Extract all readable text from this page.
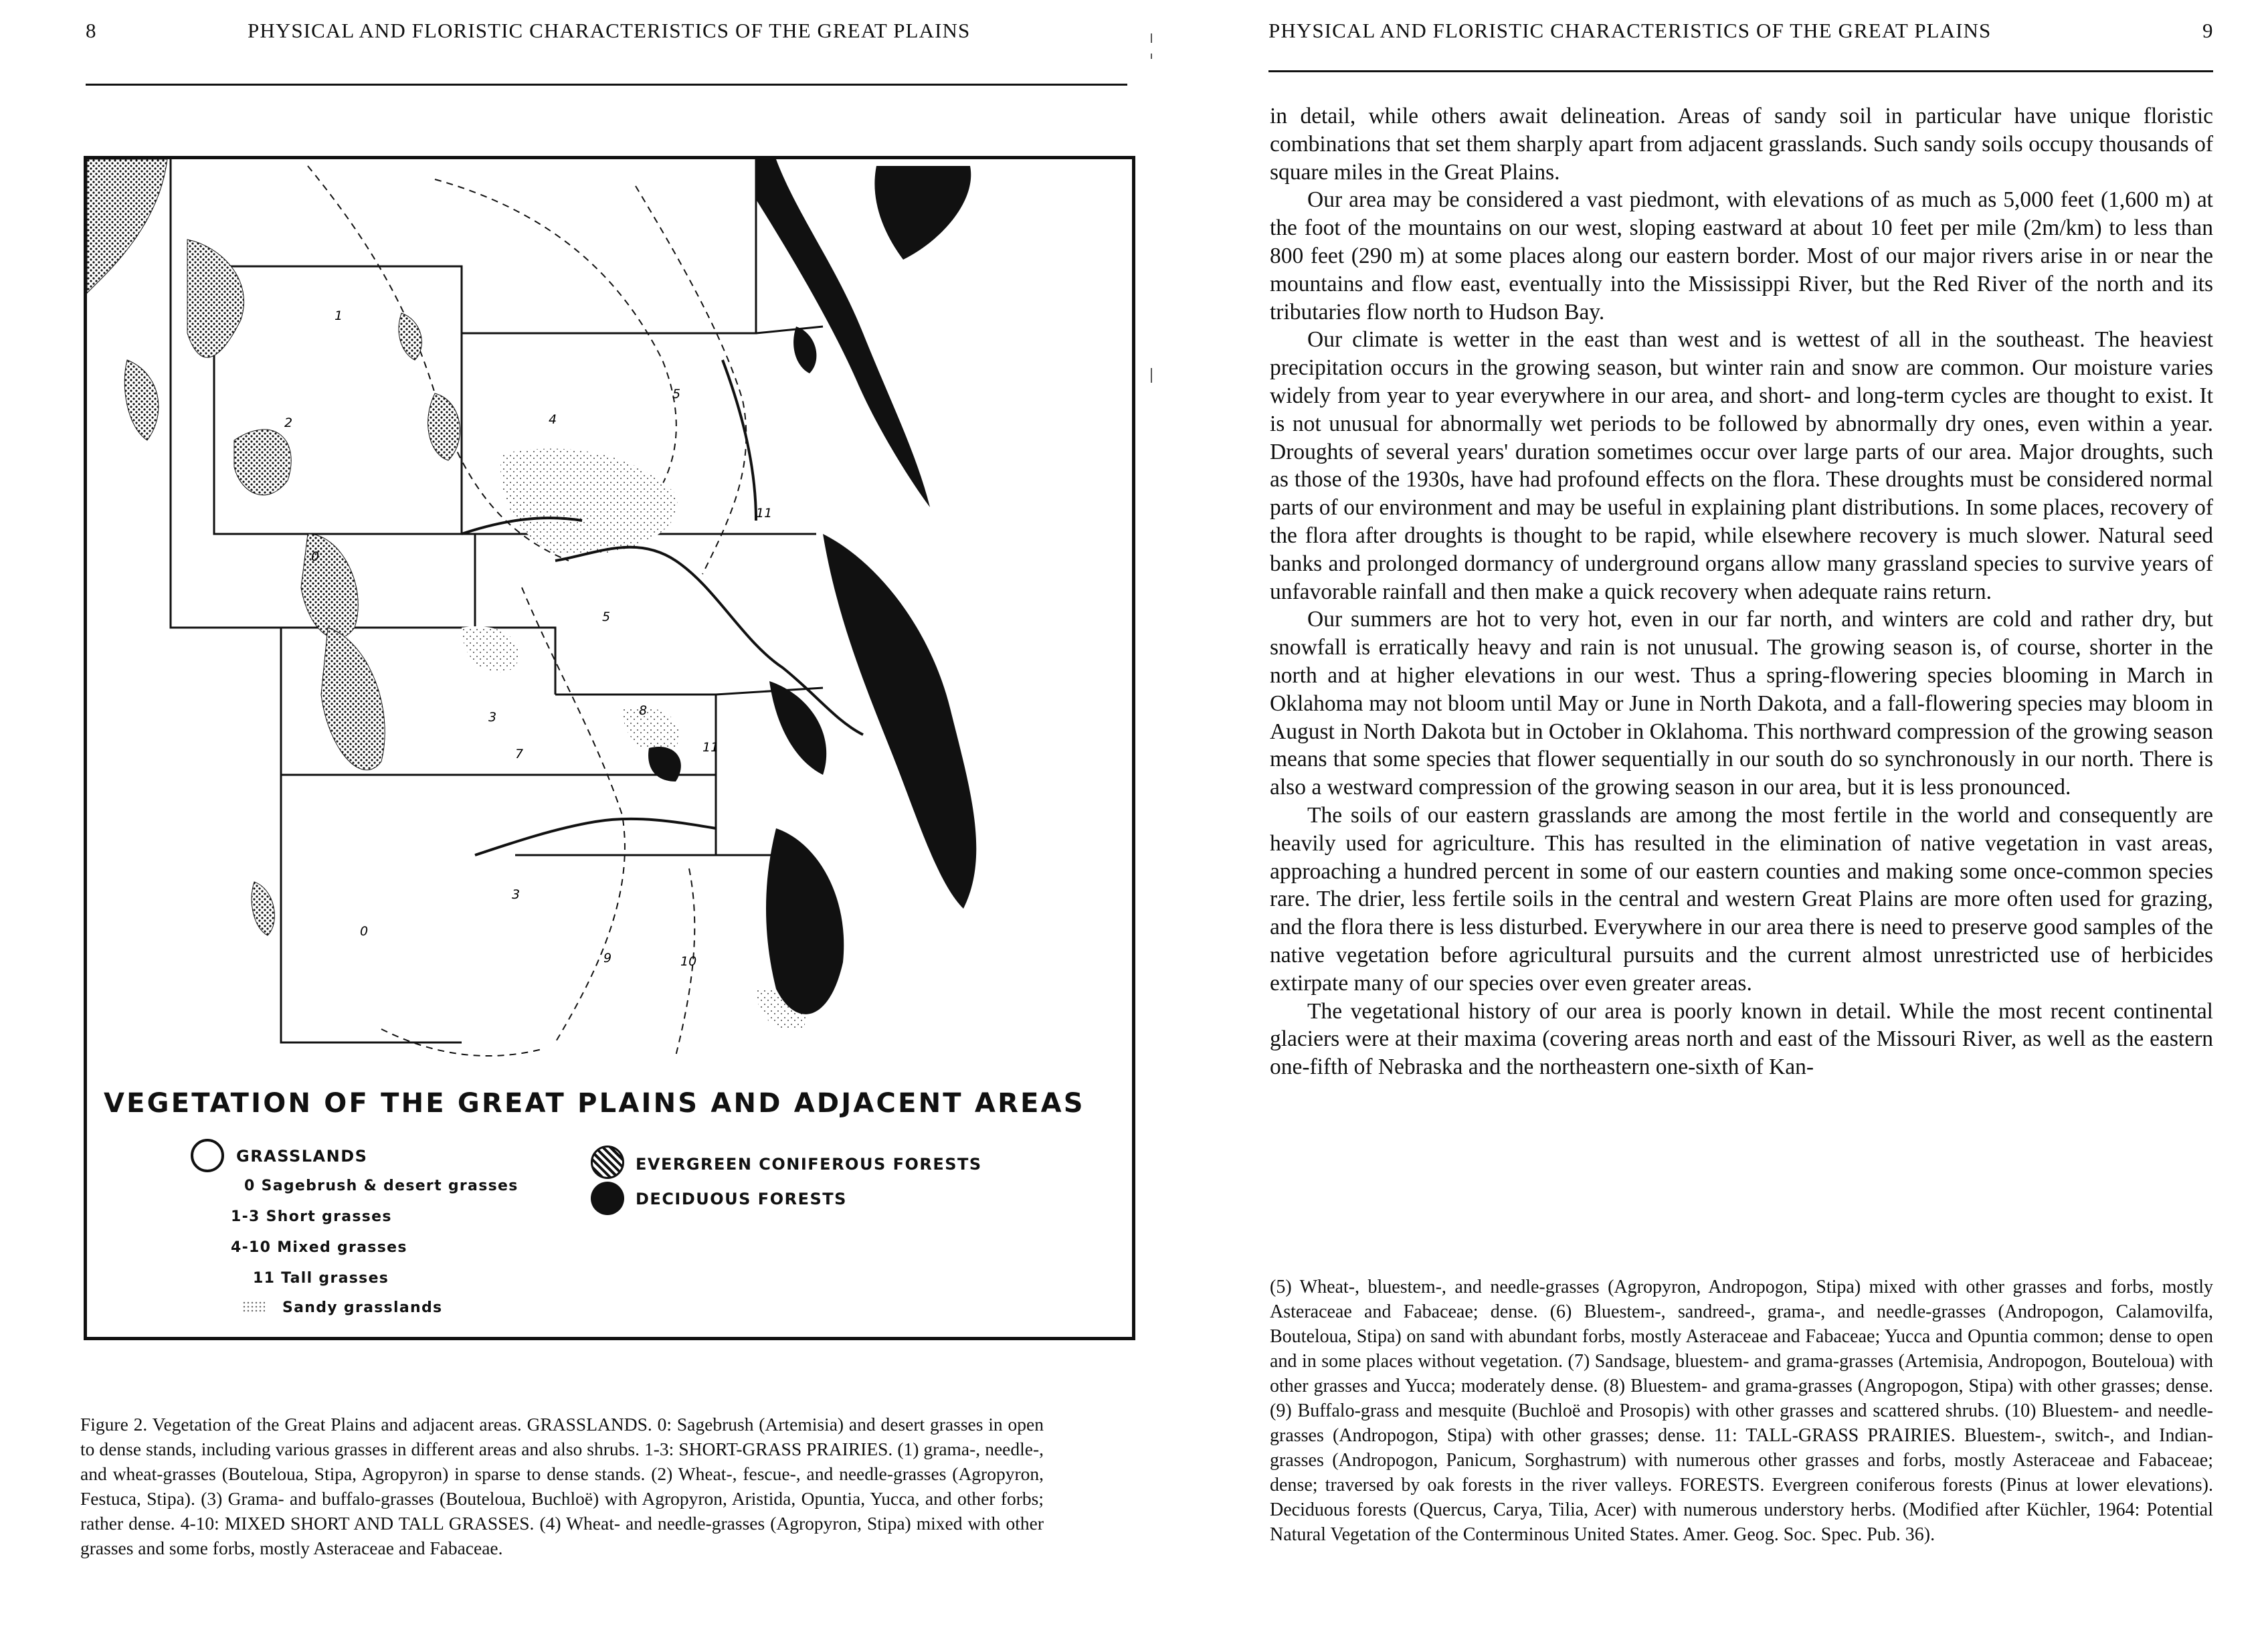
8	PHYSICAL AND FLORISTIC CHARACTERISTICS OF THE GREAT PLAINS
1
2
0
4
5
11
3	8
5
11
7
3
9	10
0
VEGETATION OF THE GREAT PLAINS AND ADJACENT AREAS
GRASSLANDS
0 Sagebrush & desert grasses
1-3 Short grasses
4-10 Mixed grasses
11 Tall grasses
Sandy grasslands
EVERGREEN CONIFEROUS FORESTS
DECIDUOUS FORESTS
Figure 2. Vegetation of the Great Plains and adjacent areas. GRASSLANDS. 0: Sagebrush (Artemisia) and desert grasses in open to dense stands, including various grasses in different areas and also shrubs. 1-3: SHORT-GRASS PRAIRIES. (1) grama-, needle-, and wheat-grasses (Bouteloua, Stipa, Agropyron) in sparse to dense stands. (2) Wheat-, fescue-, and needle-grasses (Agropyron, Festuca, Stipa). (3) Grama- and buffalo-grasses (Bouteloua, Buchloë) with Agropyron, Aristida, Opuntia, Yucca, and other forbs; rather dense. 4-10: MIXED SHORT AND TALL GRASSES. (4) Wheat- and needle-grasses (Agropyron, Stipa) mixed with other grasses and some forbs, mostly Asteraceae and Fabaceae.
PHYSICAL AND FLORISTIC CHARACTERISTICS OF THE GREAT PLAINS	9

in detail, while others await delineation. Areas of sandy soil in particular have unique floristic combinations that set them sharply apart from adjacent grasslands. Such sandy soils occupy thousands of square miles in the Great Plains.

Our area may be considered a vast piedmont, with elevations of as much as 5,000 feet (1,600 m) at the foot of the mountains on our west, sloping eastward at about 10 feet per mile (2m/km) to less than 800 feet (290 m) at some places along our eastern border. Most of our major rivers arise in or near the mountains and flow east, eventually into the Mississippi River, but the Red River of the north and its tributaries flow north to Hudson Bay.

Our climate is wetter in the east than west and is wettest of all in the southeast. The heaviest precipitation occurs in the growing season, but winter rain and snow are common. Our moisture varies widely from year to year everywhere in our area, and short- and long-term cycles are thought to exist. It is not unusual for abnormally wet periods to be followed by abnormally dry ones, even within a year. Droughts of several years' duration sometimes occur over large parts of our area. Major droughts, such as those of the 1930s, have had profound effects on the flora. These droughts must be considered normal parts of our environment and may be useful in explaining plant distributions. In some places, recovery of the flora after droughts is thought to be rapid, while elsewhere recovery is much slower. Natural seed banks and prolonged dormancy of underground organs allow many grassland species to survive years of unfavorable rainfall and then make a quick recovery when adequate rains return.

Our summers are hot to very hot, even in our far north, and winters are cold and rather dry, but snowfall is erratically heavy and rain is not unusual. The growing season is, of course, shorter in the north and at higher elevations in our west. Thus a spring-flowering species blooming in March in Oklahoma may not bloom until May or June in North Dakota, and a fall-flowering species may bloom in August in North Dakota but in October in Oklahoma. This northward compression of the growing season means that some species that flower sequentially in our south do so synchronously in our north. There is also a westward compression of the growing season in our area, but it is less pronounced.

The soils of our eastern grasslands are among the most fertile in the world and consequently are heavily used for agriculture. This has resulted in the elimination of native vegetation in vast areas, approaching a hundred percent in some of our eastern counties and making some once-common species rare. The drier, less fertile soils in the central and western Great Plains are more often used for grazing, and the flora there is less disturbed. Everywhere in our area there is need to preserve good samples of the native vegetation before agricultural pursuits and the current almost unrestricted use of herbicides extirpate many of our species over even greater areas.

The vegetational history of our area is poorly known in detail. While the most recent continental glaciers were at their maxima (covering areas north and east of the Missouri River, as well as the eastern one-fifth of Nebraska and the northeastern one-sixth of Kan-

(5) Wheat-, bluestem-, and needle-grasses (Agropyron, Andropogon, Stipa) mixed with other grasses and forbs, mostly Asteraceae and Fabaceae; dense. (6) Bluestem-, sandreed-, grama-, and needle-grasses (Andropogon, Calamovilfa, Bouteloua, Stipa) on sand with abundant forbs, mostly Asteraceae and Fabaceae; Yucca and Opuntia common; dense to open and in some places without vegetation. (7) Sandsage, bluestem- and grama-grasses (Artemisia, Andropogon, Bouteloua) with other grasses and Yucca; moderately dense. (8) Bluestem- and grama-grasses (Angropogon, Stipa) with other grasses; dense. (9) Buffalo-grass and mesquite (Buchloë and Prosopis) with other grasses and scattered shrubs. (10) Bluestem- and needle-grasses (Andropogon, Stipa) with other grasses; dense. 11: TALL-GRASS PRAIRIES. Bluestem-, switch-, and Indian-grasses (Andropogon, Panicum, Sorghastrum) with numerous other grasses and forbs, mostly Asteraceae and Fabaceae; dense; traversed by oak forests in the river valleys. FORESTS. Evergreen coniferous forests (Pinus at lower elevations). Deciduous forests (Quercus, Carya, Tilia, Acer) with numerous understory herbs. (Modified after Küchler, 1964: Potential Natural Vegetation of the Conterminous United States. Amer. Geog. Soc. Spec. Pub. 36).
